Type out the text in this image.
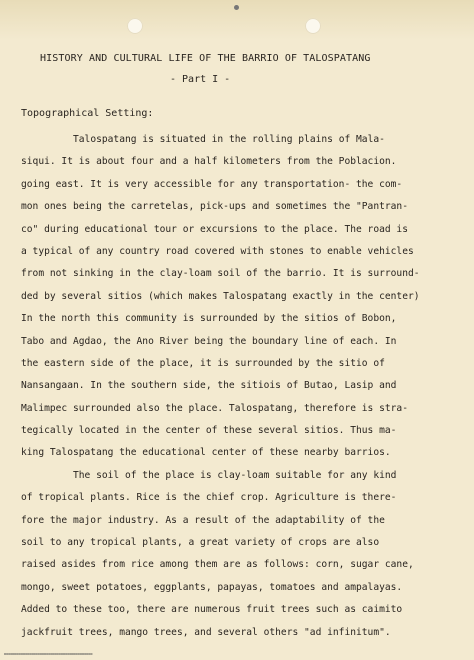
HISTORY AND CULTURAL LIFE OF THE BARRIO OF TALOSPATANG
- Part I -
Topographical Setting:
Talospatang is situated in the rolling plains of Mala-
siqui. It is about four and a half kilometers from the Poblacion.
going east. It is very accessible for any transportation- the com-
mon ones being the carretelas, pick-ups and sometimes the "Pantran-
co" during educational tour or excursions to the place. The road is
a typical of any country road covered with stones to enable vehicles
from not sinking in the clay-loam soil of the barrio. It is surround-
ded by several sitios (which makes Talospatang exactly in the center)
In the north this community is surrounded by the sitios of Bobon,
Tabo and Agdao, the Ano River being the boundary line of each. In
the eastern side of the place, it is surrounded by the sitio of
Nansangaan. In the southern side, the sitiois of Butao, Lasip and
Malimpec surrounded also the place. Talospatang, therefore is stra-
tegically located in the center of these several sitios. Thus ma-
king Talospatang the educational center of these nearby barrios.
The soil of the place is clay-loam suitable for any kind
of tropical plants. Rice is the chief crop. Agriculture is there-
fore the major industry. As a result of the adaptability of the
soil to any tropical plants, a great variety of crops are also
raised asides from rice among them are as follows: corn, sugar cane,
mongo, sweet potatoes, eggplants, papayas, tomatoes and ampalayas.
Added to these too, there are numerous fruit trees such as caimito
jackfruit trees, mango trees, and several others "ad infinitum".
▬▬▬▬▬▬▬▬▬▬▬▬▬▬▬▬▬▬▬▬▬▬▬▬▬▬▬▬▬▬▬▬▬▬▬▬▬▬▬▬▬▬
